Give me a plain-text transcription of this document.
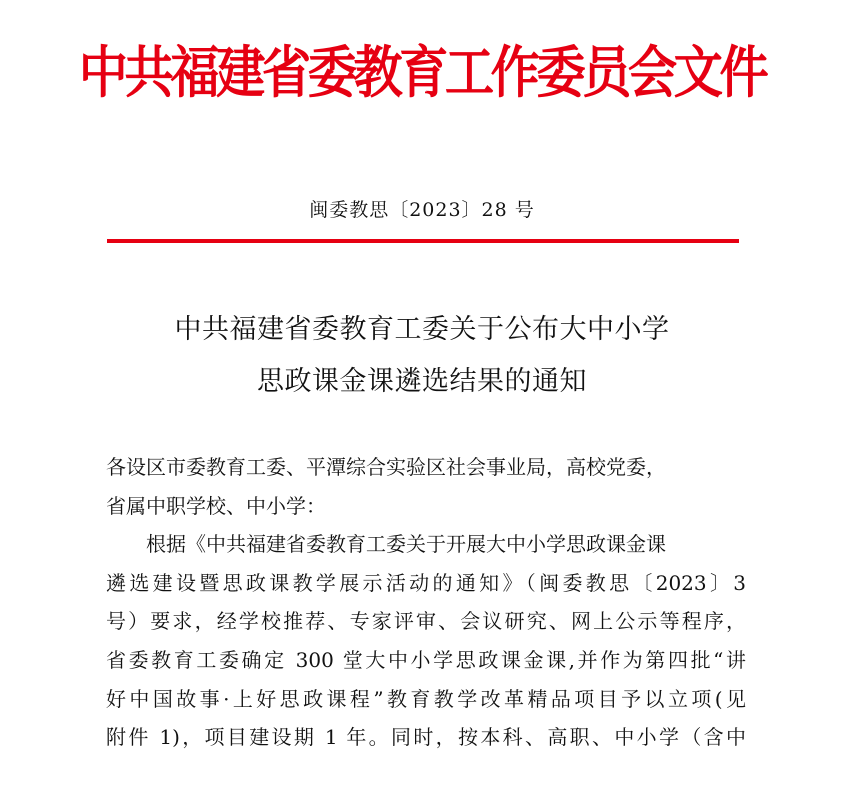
中共福建省委教育工作委员会文件
闽委教思〔2023〕28 号
中共福建省委教育工委关于公布大中小学
思政课金课遴选结果的通知
各设区市委教育工委、平潭综合实验区社会事业局，高校党委，
省属中职学校、中小学：
根据《中共福建省委教育工委关于开展大中小学思政课金课
遴选建设暨思政课教学展示活动的通知》（闽委教思〔2023〕3
号）要求，经学校推荐、专家评审、会议研究、网上公示等程序，
省委教育工委确定 300 堂大中小学思政课金课,并作为第四批“讲
好中国故事·上好思政课程”教育教学改革精品项目予以立项(见
附件 1)，项目建设期 1 年。同时，按本科、高职、中小学（含中
